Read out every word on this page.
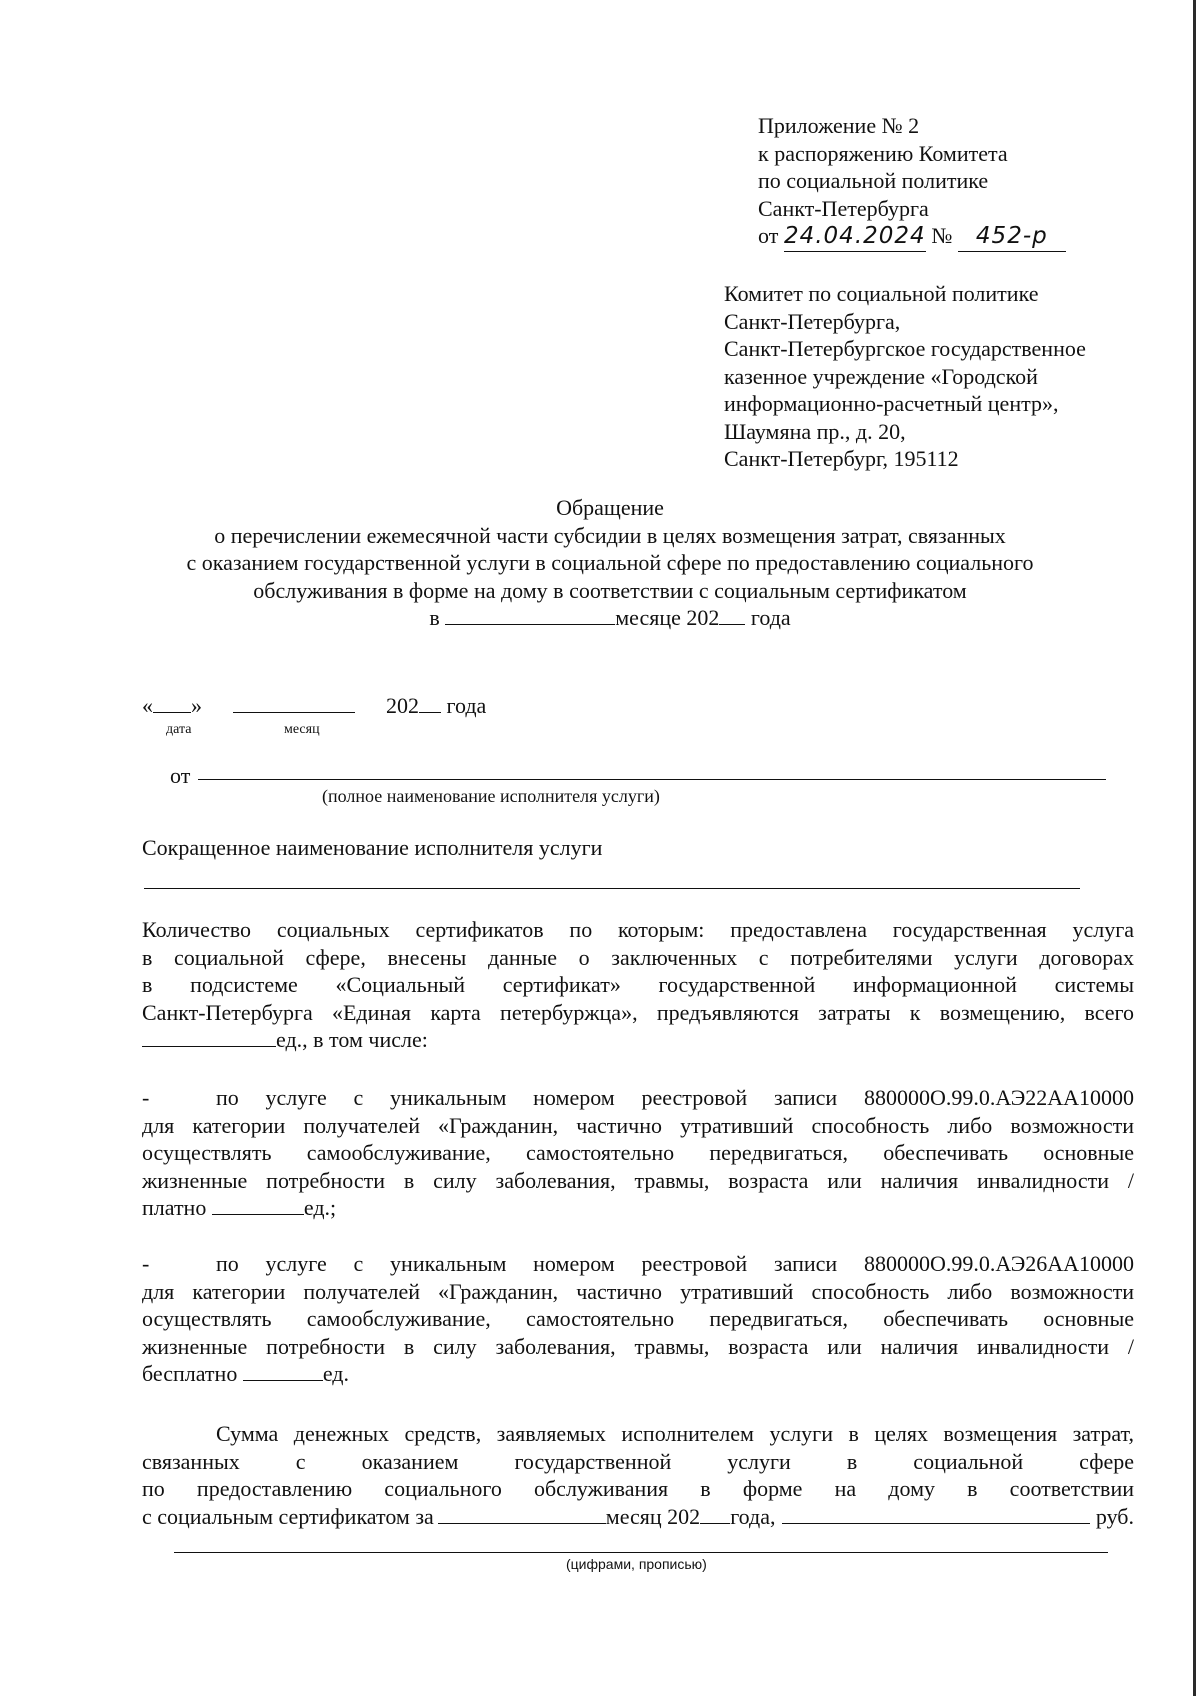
Приложение № 2
к распоряжению Комитета
по социальной политике
Санкт-Петербурга
от 24.04.2024 № 452-р
Комитет по социальной политике
Санкт-Петербурга,
Санкт-Петербургское государственное
казенное учреждение «Городской
информационно-расчетный центр»,
Шаумяна пр., д. 20,
Санкт-Петербург, 195112
Обращение
о перечислении ежемесячной части субсидии в целях возмещения затрат, связанных
с оказанием государственной услуги в социальной сфере по предоставлению социального
обслуживания в форме на дому в соответствии с социальным сертификатом
в	месяце 202 года
« »	202 года
дата	месяц
от
(полное наименование исполнителя услуги)
Сокращенное наименование исполнителя услуги
Количество социальных сертификатов по которым: предоставлена государственная услуга
в социальной сфере, внесены данные о заключенных с потребителями услуги договорах
в подсистеме «Социальный сертификат» государственной информационной системы
Санкт-Петербурга «Единая карта петербуржца», предъявляются затраты к возмещению, всего
ед., в том числе:
-	по услуге с уникальным номером реестровой записи 880000О.99.0.АЭ22АА10000
для категории получателей «Гражданин, частично утративший способность либо возможности
осуществлять самообслуживание, самостоятельно передвигаться, обеспечивать основные
жизненные потребности в силу заболевания, травмы, возраста или наличия инвалидности /
платно	ед.;
-	по услуге с уникальным номером реестровой записи 880000О.99.0.АЭ26АА10000
для категории получателей «Гражданин, частично утративший способность либо возможности
осуществлять самообслуживание, самостоятельно передвигаться, обеспечивать основные
жизненные потребности в силу заболевания, травмы, возраста или наличия инвалидности /
бесплатно	ед.
Сумма денежных средств, заявляемых исполнителем услуги в целях возмещения затрат,
связанных с оказанием государственной услуги в социальной сфере
по предоставлению социального обслуживания в форме на дому в соответствии
с социальным сертификатом за	месяц 202 года,	руб.
(цифрами, прописью)
